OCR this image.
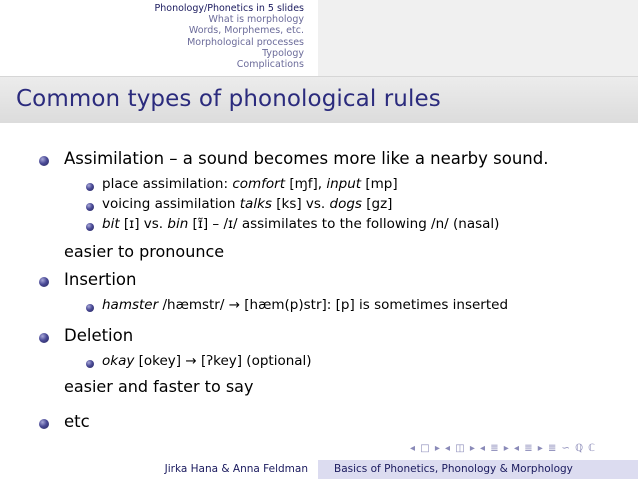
Phonology/Phonetics in 5 slides
What is morphology
Words, Morphemes, etc.
Morphological processes
Typology
Complications
Common types of phonological rules
Assimilation – a sound becomes more like a nearby sound.
place assimilation: comfort [ɱf], input [mp]
voicing assimilation talks [ks] vs. dogs [gz]
bit [ɪ] vs. bin [ɪ̃] – /ɪ/ assimilates to the following /n/ (nasal)
easier to pronounce
Insertion
hamster /hæmstr/ → [hæm(p)str]: [p] is sometimes inserted
Deletion
okay [okey] → [ʔkey] (optional)
easier and faster to say
etc
◂ □ ▸ ◂ ◫ ▸ ◂ ≣ ▸ ◂ ≣ ▸ ≣ ∽ ℚ ℂ
Jirka Hana & Anna Feldman Basics of Phonetics, Phonology & Morphology
